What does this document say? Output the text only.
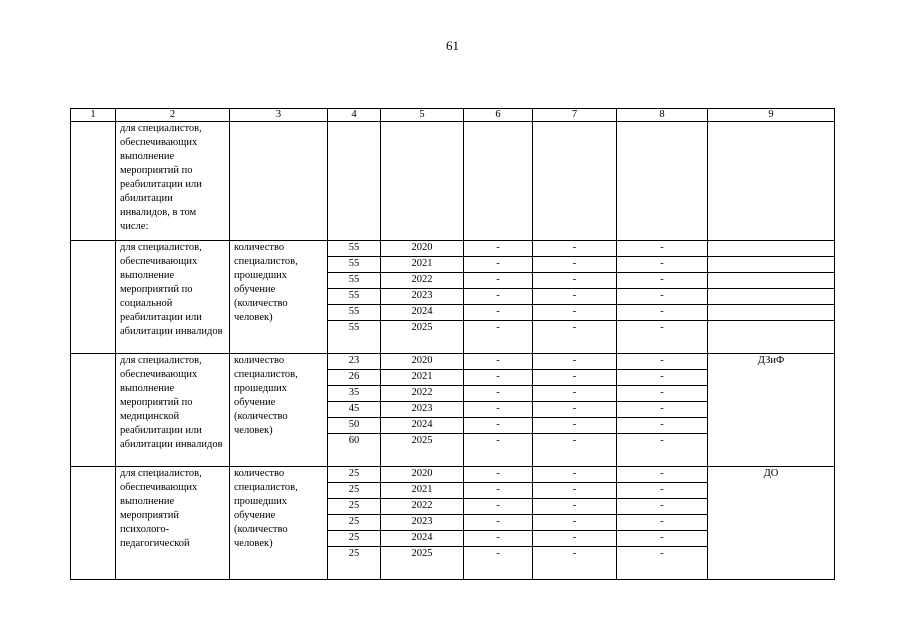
61
1	2	3	4	5	6	7	8	9
	для специалистов, обеспечивающих выполнение мероприятий по реабилитации или абилитации инвалидов, в том числе:							
	для специалистов, обеспечивающих выполнение мероприятий по социальной реабилитации или абилитации инвалидов	количество специалистов, прошедших обучение (количество человек)	55	2020	-	-	-	
			55	2021	-	-	-	
			55	2022	-	-	-	
			55	2023	-	-	-	
			55	2024	-	-	-	
			55	2025	-	-	-	
	для специалистов, обеспечивающих выполнение мероприятий по медицинской реабилитации или абилитации инвалидов	количество специалистов, прошедших обучение (количество человек)	23	2020	-	-	-	ДЗиФ
			26	2021	-	-	-	
			35	2022	-	-	-	
			45	2023	-	-	-	
			50	2024	-	-	-	
			60	2025	-	-	-	
	для специалистов, обеспечивающих выполнение мероприятий психолого-педагогической	количество специалистов, прошедших обучение (количество человек)	25	2020	-	-	-	ДО
			25	2021	-	-	-	
			25	2022	-	-	-	
			25	2023	-	-	-	
			25	2024	-	-	-	
			25	2025	-	-	-	
